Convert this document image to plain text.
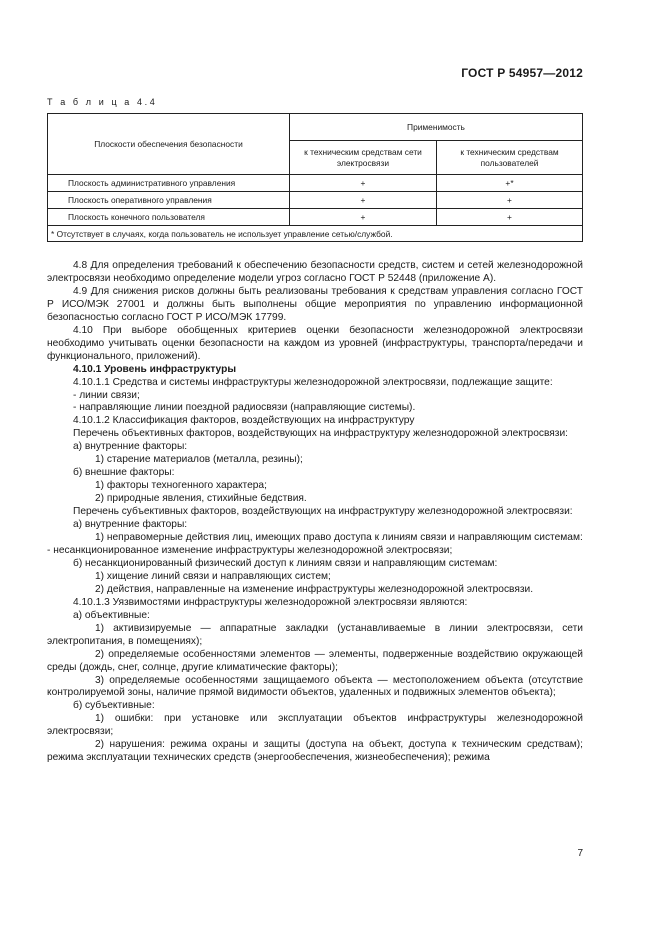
ГОСТ Р 54957—2012
Т а б л и ц а 4.4
Плоскости обеспечения безопасности	Применимость	
	к техническим средствам сети электросвязи	к техническим средствам пользователей
Плоскость административного управления	+	+*
Плоскость оперативного управления	+	+
Плоскость конечного пользователя	+	+
* Отсутствует в случаях, когда пользователь не использует управление сетью/службой.		

4.8 Для определения требований к обеспечению безопасности средств, систем и сетей железнодорожной электросвязи необходимо определение модели угроз согласно ГОСТ Р 52448 (приложение А).

4.9 Для снижения рисков должны быть реализованы требования к средствам управления согласно ГОСТ Р ИСО/МЭК 27001 и должны быть выполнены общие мероприятия по управлению информационной безопасностью согласно ГОСТ Р ИСО/МЭК 17799.

4.10 При выборе обобщенных критериев оценки безопасности железнодорожной электросвязи необходимо учитывать оценки безопасности на каждом из уровней (инфраструктуры, транспорта/передачи и функционального, приложений).

4.10.1 Уровень инфраструктуры

4.10.1.1 Средства и системы инфраструктуры железнодорожной электросвязи, подлежащие защите:

- линии связи;

- направляющие линии поездной радиосвязи (направляющие системы).

4.10.1.2 Классификация факторов, воздействующих на инфраструктуру

Перечень объективных факторов, воздействующих на инфраструктуру железнодорожной электросвязи:

а) внутренние факторы:

1) старение материалов (металла, резины);

б) внешние факторы:

1) факторы техногенного характера;

2) природные явления, стихийные бедствия.

Перечень субъективных факторов, воздействующих на инфраструктуру железнодорожной электросвязи:

а) внутренние факторы:

1) неправомерные действия лиц, имеющих право доступа к линиям связи и направляющим системам:

- несанкционированное изменение инфраструктуры железнодорожной электросвязи;

б) несанкционированный физический доступ к линиям связи и направляющим системам:

1) хищение линий связи и направляющих систем;

2) действия, направленные на изменение инфраструктуры железнодорожной электросвязи.

4.10.1.3 Уязвимостями инфраструктуры железнодорожной электросвязи являются:

а) объективные:

1) активизируемые — аппаратные закладки (устанавливаемые в линии электросвязи, сети электропитания, в помещениях);

2) определяемые особенностями элементов — элементы, подверженные воздействию окружающей среды (дождь, снег, солнце, другие климатические факторы);

3) определяемые особенностями защищаемого объекта — местоположением объекта (отсутствие контролируемой зоны, наличие прямой видимости объектов, удаленных и подвижных элементов объекта);

б) субъективные:

1) ошибки: при установке или эксплуатации объектов инфраструктуры железнодорожной электросвязи;

2) нарушения: режима охраны и защиты (доступа на объект, доступа к техническим средствам); режима эксплуатации технических средств (энергообеспечения, жизнеобеспечения); режима

7
